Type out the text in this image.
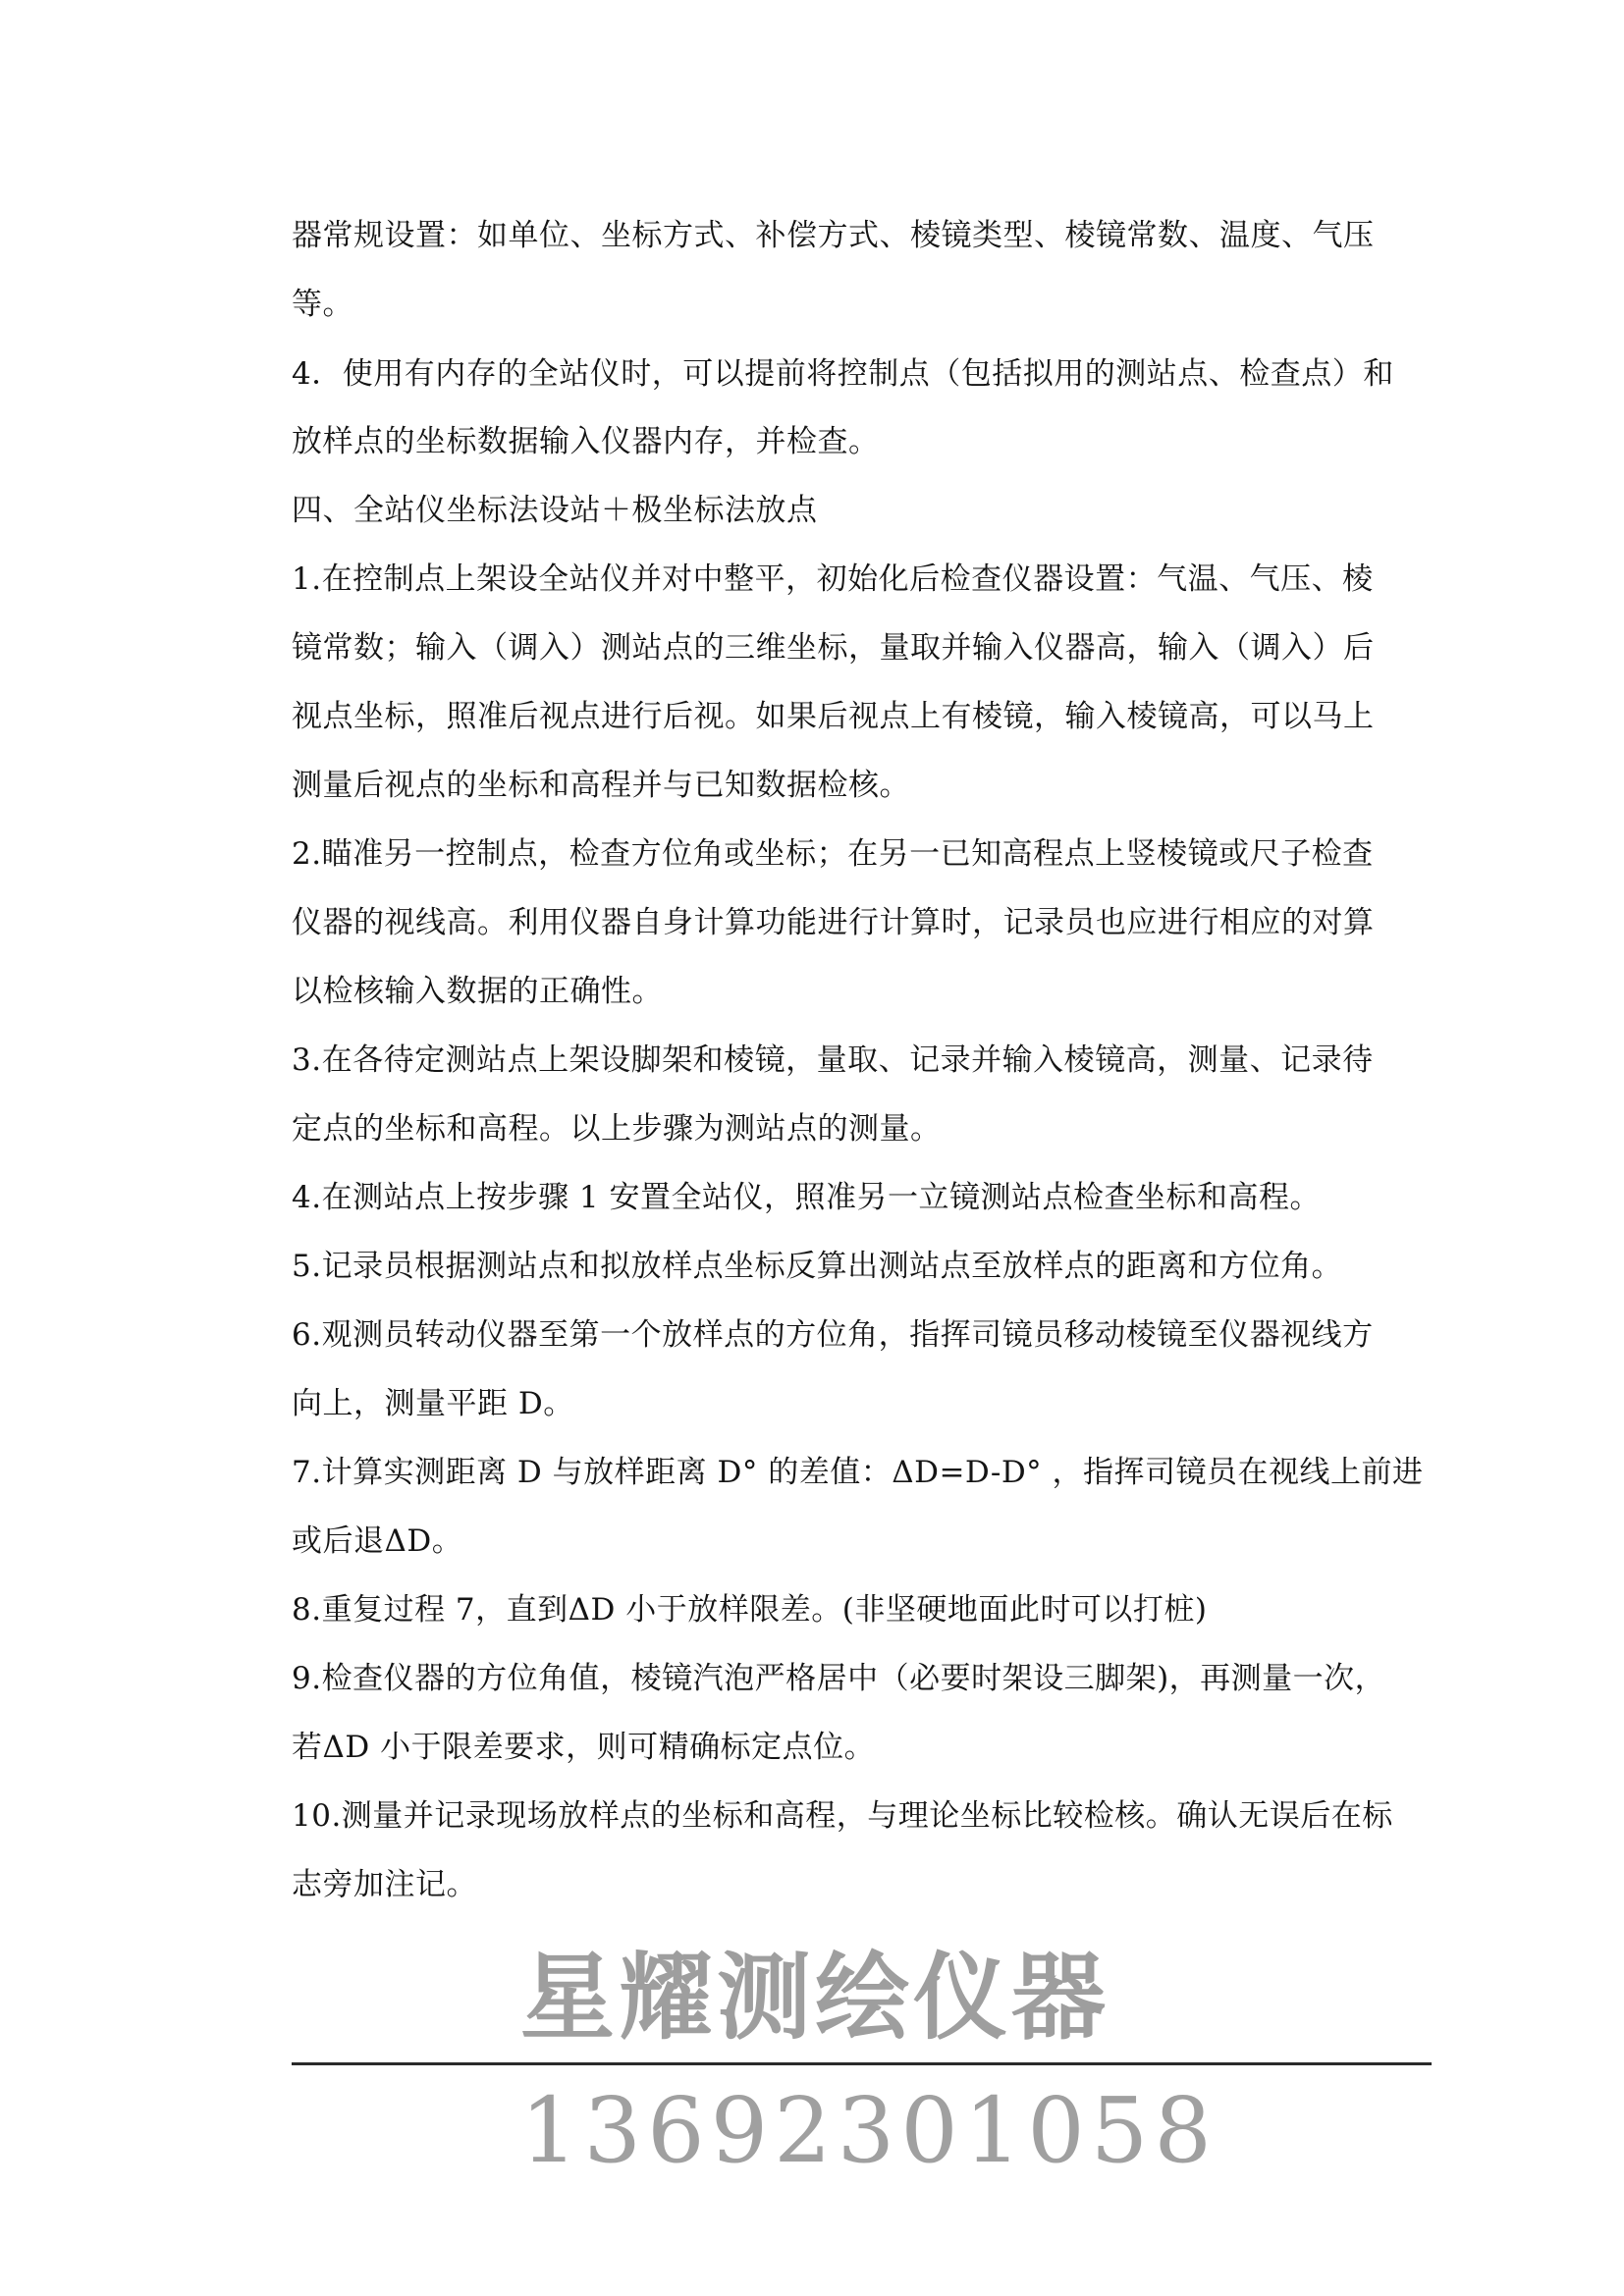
器常规设置：如单位、坐标方式、补偿方式、棱镜类型、棱镜常数、温度、气压
等。
4．使用有内存的全站仪时，可以提前将控制点（包括拟用的测站点、检查点）和
放样点的坐标数据输入仪器内存，并检查。
四、全站仪坐标法设站＋极坐标法放点
1.在控制点上架设全站仪并对中整平，初始化后检查仪器设置：气温、气压、棱
镜常数；输入（调入）测站点的三维坐标，量取并输入仪器高，输入（调入）后
视点坐标，照准后视点进行后视。如果后视点上有棱镜，输入棱镜高，可以马上
测量后视点的坐标和高程并与已知数据检核。
2.瞄准另一控制点，检查方位角或坐标；在另一已知高程点上竖棱镜或尺子检查
仪器的视线高。利用仪器自身计算功能进行计算时，记录员也应进行相应的对算
以检核输入数据的正确性。
3.在各待定测站点上架设脚架和棱镜，量取、记录并输入棱镜高，测量、记录待
定点的坐标和高程。以上步骤为测站点的测量。
4.在测站点上按步骤 1 安置全站仪，照准另一立镜测站点检查坐标和高程。
5.记录员根据测站点和拟放样点坐标反算出测站点至放样点的距离和方位角。
6.观测员转动仪器至第一个放样点的方位角，指挥司镜员移动棱镜至仪器视线方
向上，测量平距 D。
7.计算实测距离 D 与放样距离 D° 的差值：ΔD=D-D° ，指挥司镜员在视线上前进
或后退ΔD。
8.重复过程 7，直到ΔD 小于放样限差。(非坚硬地面此时可以打桩)
9.检查仪器的方位角值，棱镜汽泡严格居中（必要时架设三脚架)，再测量一次，
若ΔD 小于限差要求，则可精确标定点位。
10.测量并记录现场放样点的坐标和高程，与理论坐标比较检核。确认无误后在标
志旁加注记。
星耀测绘仪器
13692301058
